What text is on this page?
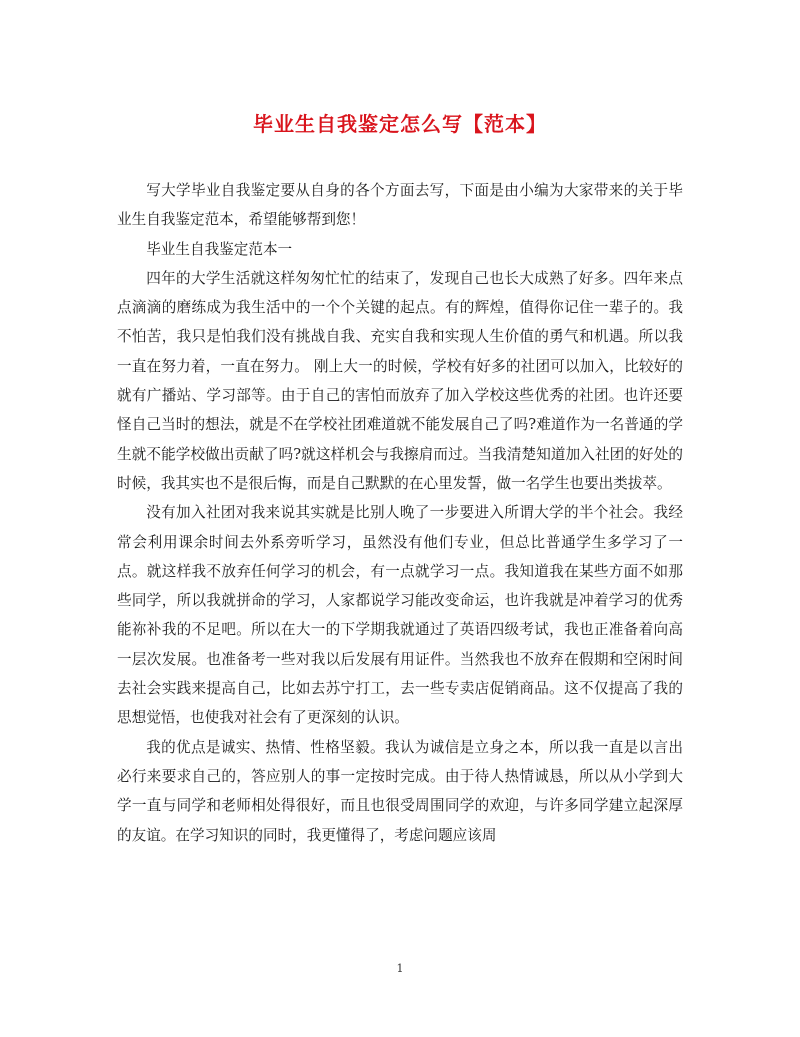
毕业生自我鉴定怎么写【范本】

写大学毕业自我鉴定要从自身的各个方面去写，下面是由小编为大家带来的关于毕业生自我鉴定范本，希望能够帮到您！

毕业生自我鉴定范本一

四年的大学生活就这样匆匆忙忙的结束了，发现自己也长大成熟了好多。四年来点点滴滴的磨练成为我生活中的一个个关键的起点。有的辉煌，值得你记住一辈子的。我不怕苦，我只是怕我们没有挑战自我、充实自我和实现人生价值的勇气和机遇。所以我一直在努力着，一直在努力。 刚上大一的时候，学校有好多的社团可以加入，比较好的就有广播站、学习部等。由于自己的害怕而放弃了加入学校这些优秀的社团。也许还要怪自己当时的想法，就是不在学校社团难道就不能发展自己了吗?难道作为一名普通的学生就不能学校做出贡献了吗?就这样机会与我擦肩而过。当我清楚知道加入社团的好处的时候，我其实也不是很后悔，而是自己默默的在心里发誓，做一名学生也要出类拔萃。

没有加入社团对我来说其实就是比别人晚了一步要进入所谓大学的半个社会。我经常会利用课余时间去外系旁听学习，虽然没有他们专业，但总比普通学生多学习了一点。就这样我不放弃任何学习的机会，有一点就学习一点。我知道我在某些方面不如那些同学，所以我就拼命的学习，人家都说学习能改变命运，也许我就是冲着学习的优秀能祢补我的不足吧。所以在大一的下学期我就通过了英语四级考试，我也正准备着向高一层次发展。也准备考一些对我以后发展有用证件。当然我也不放弃在假期和空闲时间去社会实践来提高自己，比如去苏宁打工，去一些专卖店促销商品。这不仅提高了我的思想觉悟，也使我对社会有了更深刻的认识。

我的优点是诚实、热情、性格坚毅。我认为诚信是立身之本，所以我一直是以言出必行来要求自己的，答应别人的事一定按时完成。由于待人热情诚恳，所以从小学到大学一直与同学和老师相处得很好，而且也很受周围同学的欢迎，与许多同学建立起深厚的友谊。在学习知识的同时，我更懂得了，考虑问题应该周

1
